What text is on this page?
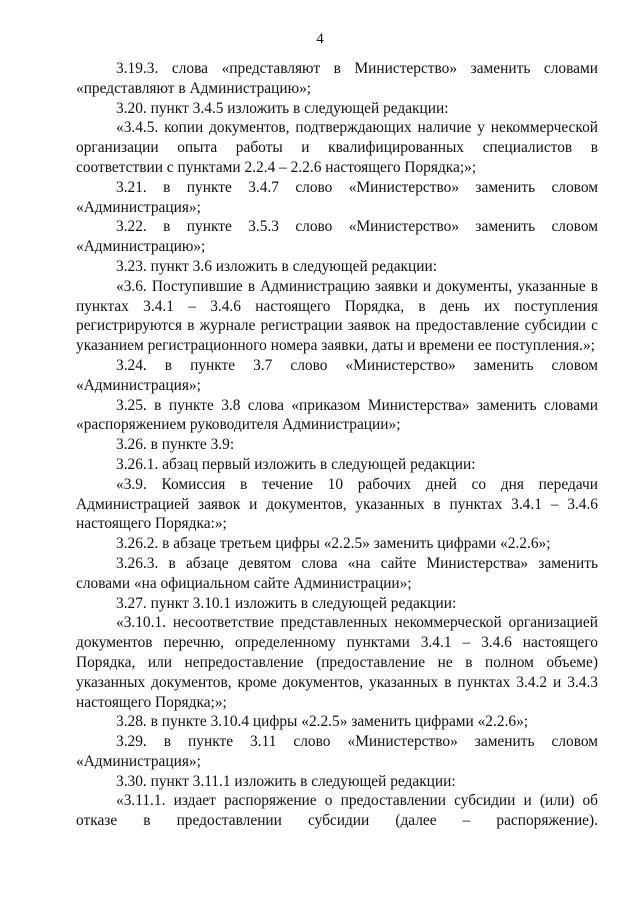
4

3.19.3. слова «представляют в Министерство» заменить словами «представляют в Администрацию»;

3.20. пункт 3.4.5 изложить в следующей редакции:

«3.4.5. копии документов, подтверждающих наличие у некоммерческой организации опыта работы и квалифицированных специалистов в соответствии с пунктами 2.2.4 – 2.2.6 настоящего Порядка;»;

3.21. в пункте 3.4.7 слово «Министерство» заменить словом «Администрация»;

3.22. в пункте 3.5.3 слово «Министерство» заменить словом «Администрацию»;

3.23. пункт 3.6 изложить в следующей редакции:

«3.6. Поступившие в Администрацию заявки и документы, указанные в пунктах 3.4.1 – 3.4.6 настоящего Порядка, в день их поступления регистрируются в журнале регистрации заявок на предоставление субсидии с указанием регистрационного номера заявки, даты и времени ее поступления.»;

3.24. в пункте 3.7 слово «Министерство» заменить словом «Администрация»;

3.25. в пункте 3.8 слова «приказом Министерства» заменить словами «распоряжением руководителя Администрации»;

3.26. в пункте 3.9:

3.26.1. абзац первый изложить в следующей редакции:

«3.9. Комиссия в течение 10 рабочих дней со дня передачи Администрацией заявок и документов, указанных в пунктах 3.4.1 – 3.4.6 настоящего Порядка:»;

3.26.2. в абзаце третьем цифры «2.2.5» заменить цифрами «2.2.6»;

3.26.3. в абзаце девятом слова «на сайте Министерства» заменить словами «на официальном сайте Администрации»;

3.27. пункт 3.10.1 изложить в следующей редакции:

«3.10.1. несоответствие представленных некоммерческой организацией документов перечню, определенному пунктами 3.4.1 – 3.4.6 настоящего Порядка, или непредоставление (предоставление не в полном объеме) указанных документов, кроме документов, указанных в пунктах 3.4.2 и 3.4.3 настоящего Порядка;»;

3.28. в пункте 3.10.4 цифры «2.2.5» заменить цифрами «2.2.6»;

3.29. в пункте 3.11 слово «Министерство» заменить словом «Администрация»;

3.30. пункт 3.11.1 изложить в следующей редакции:

«3.11.1. издает распоряжение о предоставлении субсидии и (или) об отказе в предоставлении субсидии (далее – распоряжение).
